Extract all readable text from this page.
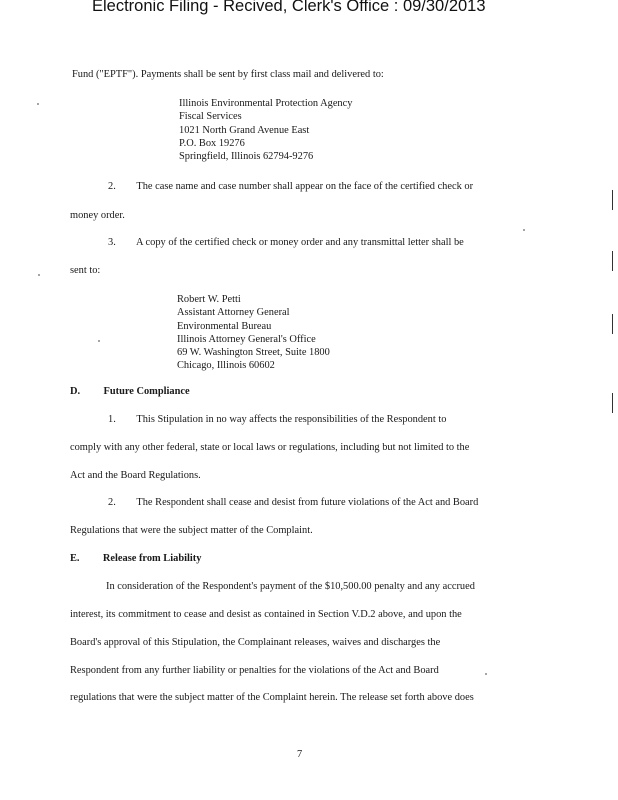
Electronic Filing - Recived, Clerk's Office : 09/30/2013
Fund ("EPTF"). Payments shall be sent by first class mail and delivered to:
Illinois Environmental Protection Agency
Fiscal Services
1021 North Grand Avenue East
P.O. Box 19276
Springfield, Illinois 62794-9276
2.        The case name and case number shall appear on the face of the certified check or
money order.
3.        A copy of the certified check or money order and any transmittal letter shall be
sent to:
Robert W. Petti
Assistant Attorney General
Environmental Bureau
Illinois Attorney General's Office
69 W. Washington Street, Suite 1800
Chicago, Illinois 60602
D.         Future Compliance
1.        This Stipulation in no way affects the responsibilities of the Respondent to
comply with any other federal, state or local laws or regulations, including but not limited to the
Act and the Board Regulations.
2.        The Respondent shall cease and desist from future violations of the Act and Board
Regulations that were the subject matter of the Complaint.
E.         Release from Liability
In consideration of the Respondent's payment of the $10,500.00 penalty and any accrued
interest, its commitment to cease and desist as contained in Section V.D.2 above, and upon the
Board's approval of this Stipulation, the Complainant releases, waives and discharges the
Respondent from any further liability or penalties for the violations of the Act and Board
regulations that were the subject matter of the Complaint herein. The release set forth above does
7
